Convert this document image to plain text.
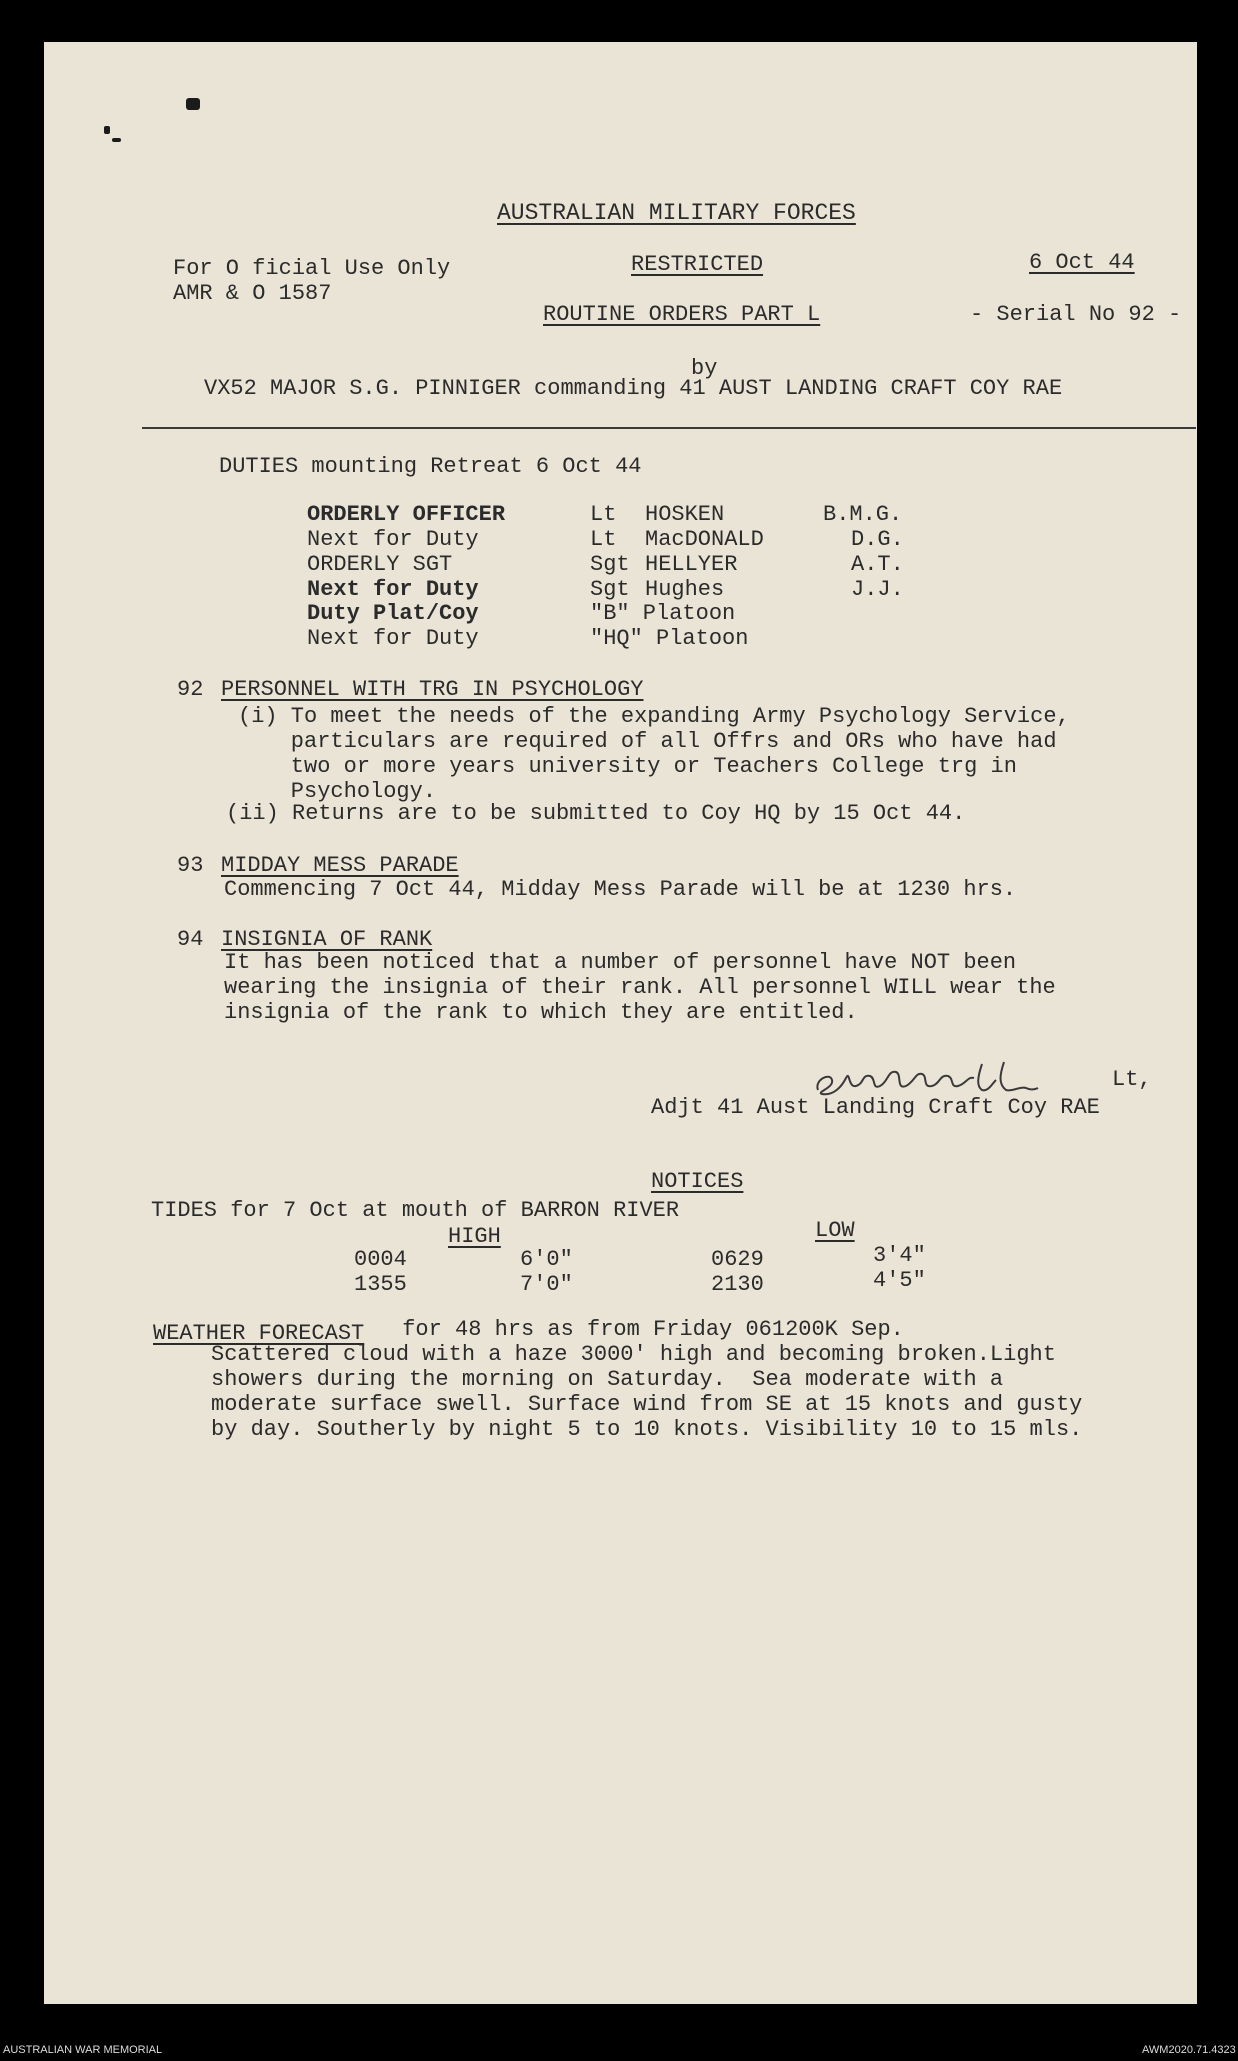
AUSTRALIAN MILITARY FORCES
For O ficial Use Only
AMR & O 1587
RESTRICTED	6 Oct 44
ROUTINE ORDERS PART L	- Serial No 92 -
by
VX52 MAJOR S.G. PINNIGER commanding 41 AUST LANDING CRAFT COY RAE
DUTIES mounting Retreat 6 Oct 44
ORDERLY OFFICER	Lt HOSKEN	B.M.G.
Next for Duty	Lt MacDONALD	D.G.
ORDERLY SGT	Sgt HELLYER	A.T.
Next for Duty	Sgt Hughes	J.J.
Duty Plat/Coy	"B" Platoon
Next for Duty	"HQ" Platoon
92 PERSONNEL WITH TRG IN PSYCHOLOGY
(i) To meet the needs of the expanding Army Psychology Service,
particulars are required of all Offrs and ORs who have had
two or more years university or Teachers College trg in
Psychology.
(ii) Returns are to be submitted to Coy HQ by 15 Oct 44.
93 MIDDAY MESS PARADE
Commencing 7 Oct 44, Midday Mess Parade will be at 1230 hrs.
94 INSIGNIA OF RANK
It has been noticed that a number of personnel have NOT been
wearing the insignia of their rank. All personnel WILL wear the
insignia of the rank to which they are entitled.
Lt,
Adjt 41 Aust Landing Craft Coy RAE
NOTICES
TIDES for 7 Oct at mouth of BARRON RIVER
HIGH	LOW
0004	6'0"	0629	3'4"
1355	7'0"	2130	4'5"
WEATHER FORECAST for 48 hrs as from Friday 061200K Sep.
Scattered cloud with a haze 3000' high and becoming broken.Light
showers during the morning on Saturday.  Sea moderate with a
moderate surface swell. Surface wind from SE at 15 knots and gusty
by day. Southerly by night 5 to 10 knots. Visibility 10 to 15 mls.
AUSTRALIAN WAR MEMORIAL	AWM2020.71.4323
